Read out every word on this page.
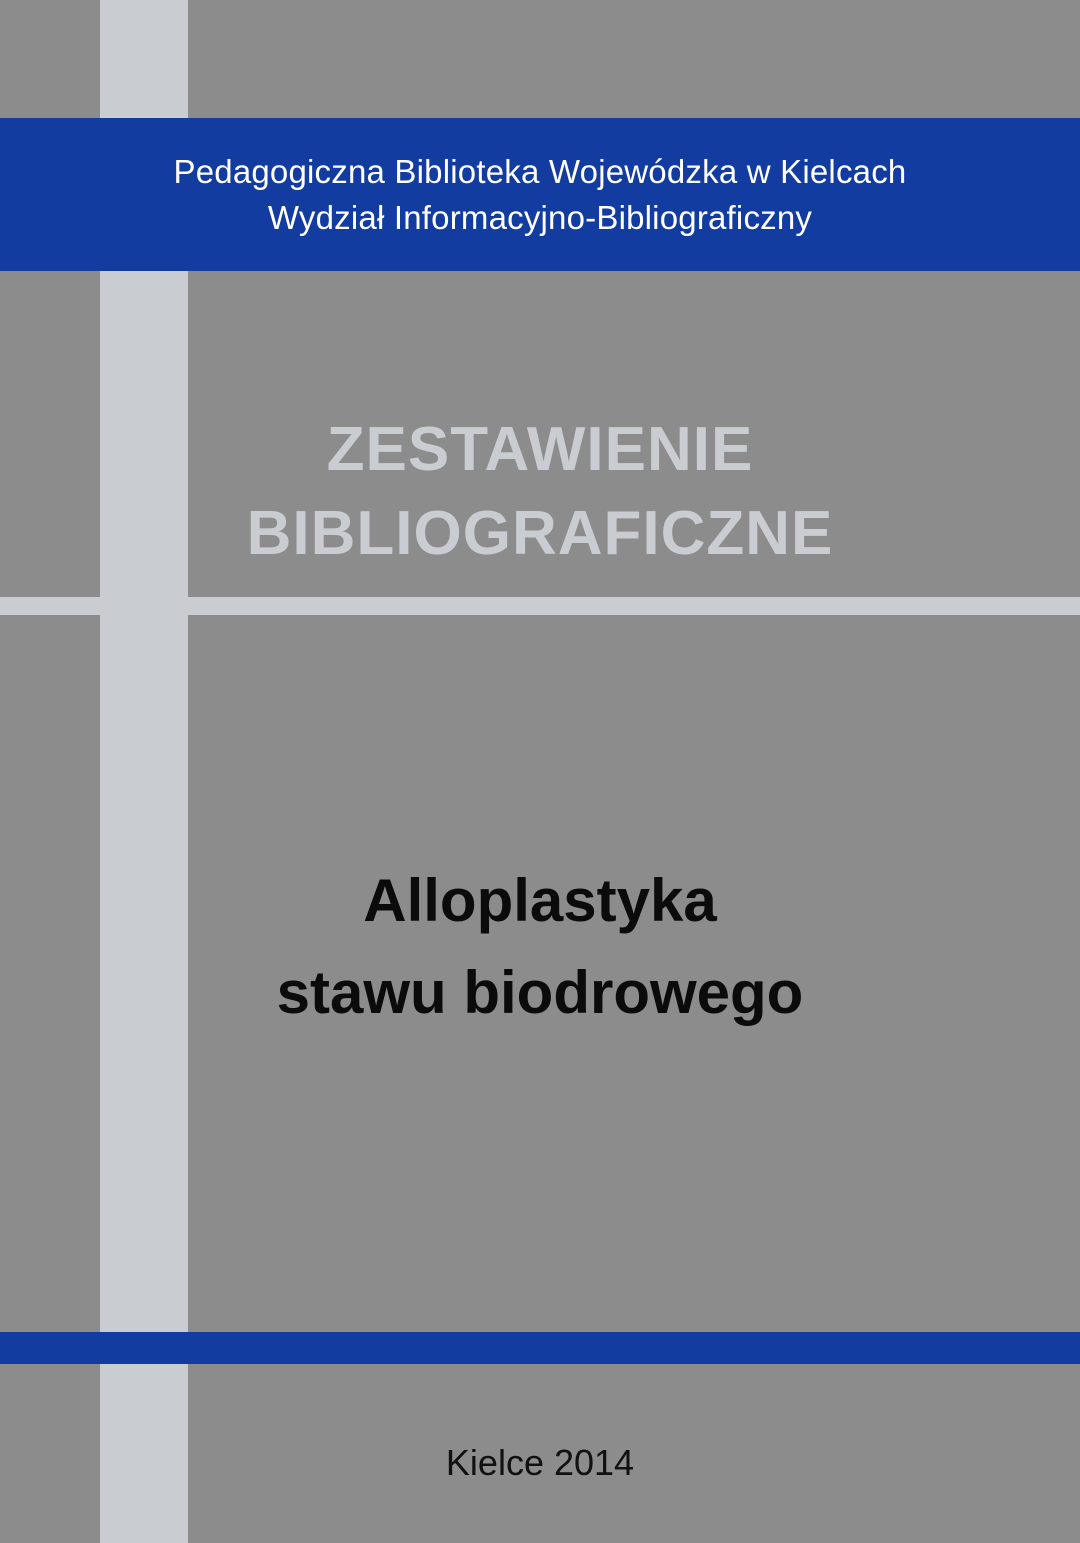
Pedagogiczna Biblioteka Wojewódzka w Kielcach
Wydział Informacyjno-Bibliograficzny
ZESTAWIENIE
BIBLIOGRAFICZNE
Alloplastyka
stawu biodrowego
Kielce 2014
